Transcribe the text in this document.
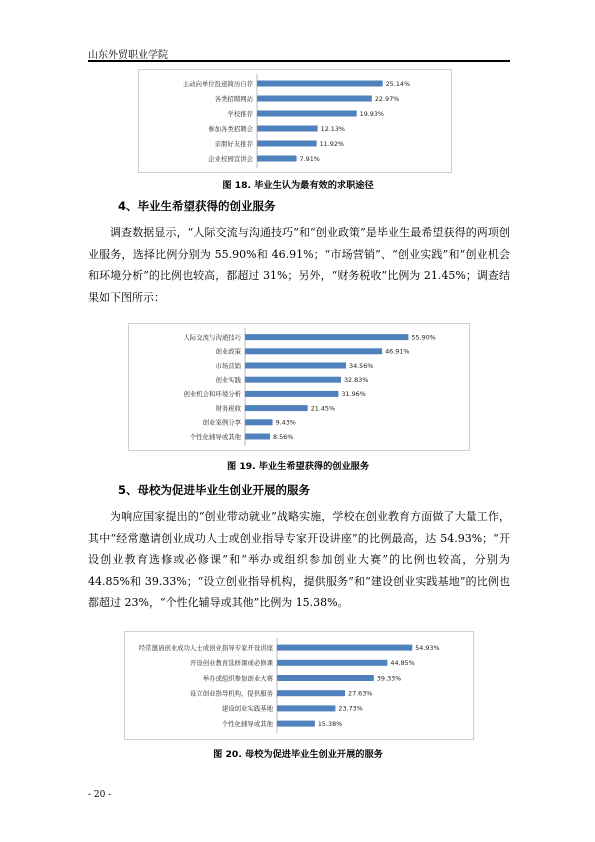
山东外贸职业学院
主动向单位投递简历自荐	25.14%
各类招聘网站	22.97%
学校推荐	19.93%
参加各类招聘会	12.13%
亲朋好友推荐	11.92%
企业校园宣讲会	7.91%
图 18. 毕业生认为最有效的求职途径
4、毕业生希望获得的创业服务

调查数据显示，“人际交流与沟通技巧”和“创业政策”是毕业生最希望获得的两项创业服务，选择比例分别为 55.90%和 46.91%；“市场营销”、“创业实践”和“创业机会和环境分析”的比例也较高，都超过 31%；另外，“财务税收”比例为 21.45%；调查结果如下图所示：

人际交流与沟通技巧	55.90%
创业政策	46.91%
市场营销	34.56%
创业实践	32.83%
创业机会和环境分析	31.96%
财务税收	21.45%
创业案例分享	9.43%
个性化辅导或其他	8.56%
图 19. 毕业生希望获得的创业服务
5、母校为促进毕业生创业开展的服务

为响应国家提出的“创业带动就业”战略实施，学校在创业教育方面做了大量工作，其中“经常邀请创业成功人士或创业指导专家开设讲座”的比例最高，达 54.93%；“开设创业教育选修或必修课”和“举办或组织参加创业大赛”的比例也较高，分别为 44.85%和 39.33%；“设立创业指导机构，提供服务”和“建设创业实践基地”的比例也都超过 23%，“个性化辅导或其他”比例为 15.38%。

经常邀请创业成功人士或创业指导专家开设讲座	54.93%
开设创业教育选修课或必修课	44.85%
举办或组织参加创业大赛	39.33%
设立创业指导机构，提供服务	27.63%
建设创业实践基地	23.73%
个性化辅导或其他	15.38%
图 20. 母校为促进毕业生创业开展的服务
- 20 -
